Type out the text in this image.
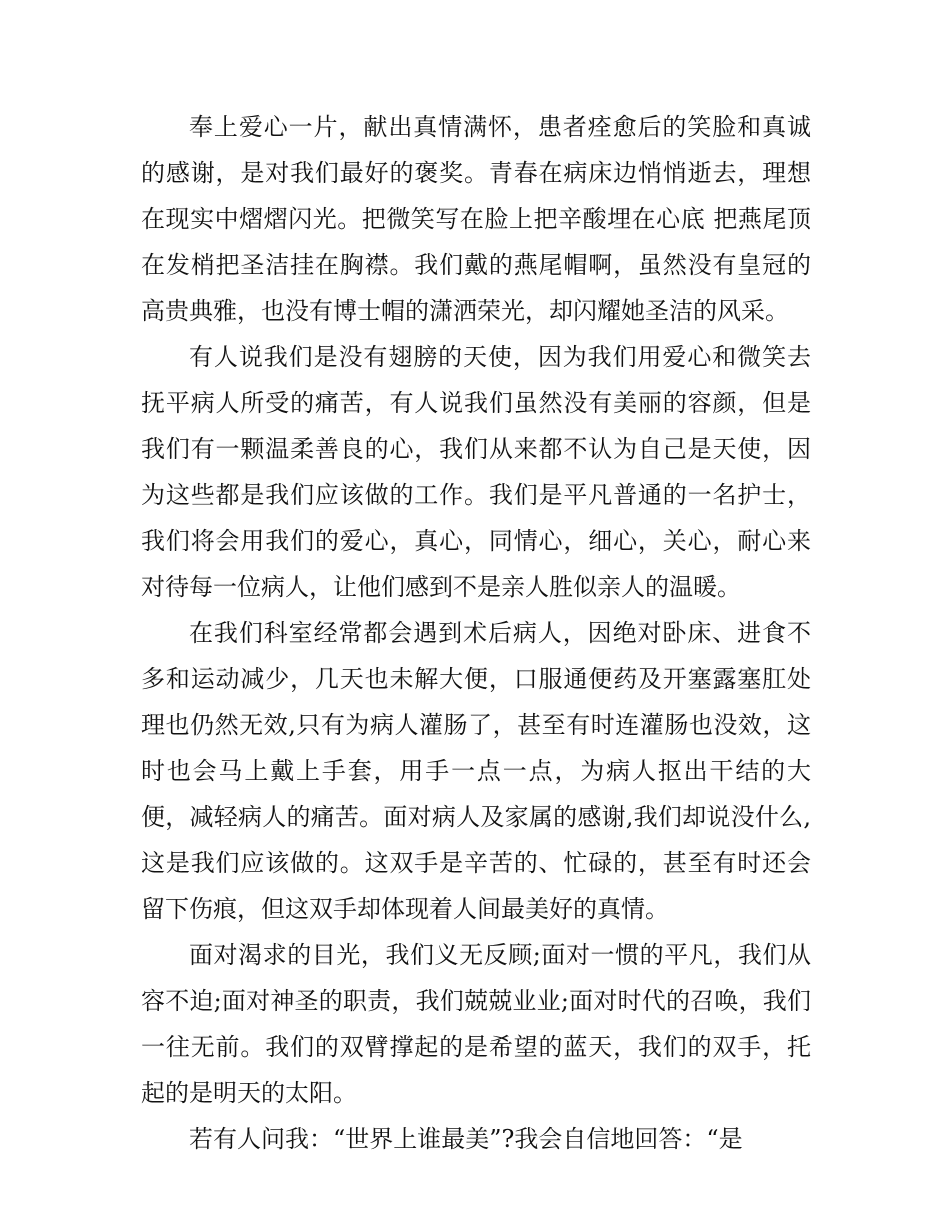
奉上爱心一片，献出真情满怀，患者痊愈后的笑脸和真诚的感谢，是对我们最好的褒奖。青春在病床边悄悄逝去，理想在现实中熠熠闪光。把微笑写在脸上把辛酸埋在心底 把燕尾顶在发梢把圣洁挂在胸襟。我们戴的燕尾帽啊，虽然没有皇冠的高贵典雅，也没有博士帽的潇洒荣光，却闪耀她圣洁的风采。

有人说我们是没有翅膀的天使，因为我们用爱心和微笑去抚平病人所受的痛苦，有人说我们虽然没有美丽的容颜，但是我们有一颗温柔善良的心，我们从来都不认为自己是天使，因为这些都是我们应该做的工作。我们是平凡普通的一名护士，我们将会用我们的爱心，真心，同情心，细心，关心，耐心来对待每一位病人，让他们感到不是亲人胜似亲人的温暖。

在我们科室经常都会遇到术后病人，因绝对卧床、进食不多和运动减少，几天也未解大便，口服通便药及开塞露塞肛处理也仍然无效,只有为病人灌肠了，甚至有时连灌肠也没效，这时也会马上戴上手套，用手一点一点，为病人抠出干结的大便，减轻病人的痛苦。面对病人及家属的感谢,我们却说没什么,这是我们应该做的。这双手是辛苦的、忙碌的，甚至有时还会留下伤痕，但这双手却体现着人间最美好的真情。

面对渴求的目光，我们义无反顾;面对一惯的平凡，我们从容不迫;面对神圣的职责，我们兢兢业业;面对时代的召唤，我们一往无前。我们的双臂撑起的是希望的蓝天，我们的双手，托起的是明天的太阳。

若有人问我：“世界上谁最美”?我会自信地回答：“是
